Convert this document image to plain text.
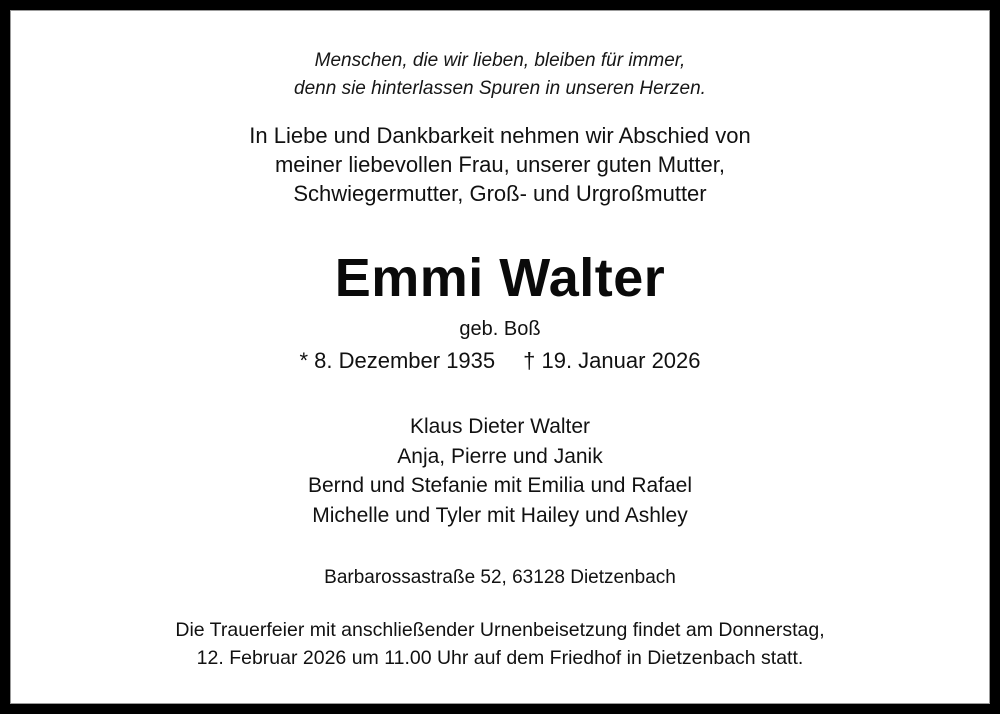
Menschen, die wir lieben, bleiben für immer,
denn sie hinterlassen Spuren in unseren Herzen.
In Liebe und Dankbarkeit nehmen wir Abschied von
meiner liebevollen Frau, unserer guten Mutter,
Schwiegermutter, Groß- und Urgroßmutter
Emmi Walter
geb. Boß
* 8. Dezember 1935 † 19. Januar 2026
Klaus Dieter Walter
Anja, Pierre und Janik
Bernd und Stefanie mit Emilia und Rafael
Michelle und Tyler mit Hailey und Ashley
Barbarossastraße 52, 63128 Dietzenbach
Die Trauerfeier mit anschließender Urnenbeisetzung findet am Donnerstag,
12. Februar 2026 um 11.00 Uhr auf dem Friedhof in Dietzenbach statt.
